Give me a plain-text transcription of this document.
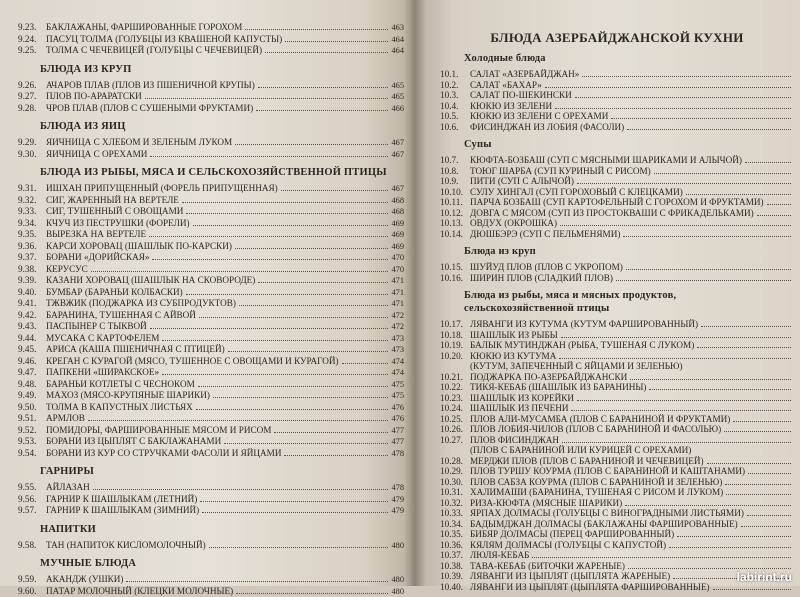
9.23.	БАКЛАЖАНЫ, ФАРШИРОВАННЫЕ ГОРОХОМ	463
9.24.	ПАСУЦ ТОЛМА (ГОЛУБЦЫ ИЗ КВАШЕНОЙ КАПУСТЫ)	464
9.25.	ТОЛМА С ЧЕЧЕВИЦЕЙ (ГОЛУБЦЫ С ЧЕЧЕВИЦЕЙ)	464
БЛЮДА ИЗ КРУП
9.26.	АЧАРОВ ПЛАВ (ПЛОВ ИЗ ПШЕНИЧНОЙ КРУПЫ)	465
9.27.	ПЛОВ ПО-АРАРАТСКИ	465
9.28.	ЧРОВ ПЛАВ (ПЛОВ С СУШЕНЫМИ ФРУКТАМИ)	466
БЛЮДА ИЗ ЯИЦ
9.29.	ЯИЧНИЦА С ХЛЕБОМ И ЗЕЛЕНЫМ ЛУКОМ	467
9.30.	ЯИЧНИЦА С ОРЕХАМИ	467
БЛЮДА ИЗ РЫБЫ, МЯСА И СЕЛЬСКОХОЗЯЙСТВЕННОЙ ПТИЦЫ
9.31.	ИШХАН ПРИПУЩЕННЫЙ (ФОРЕЛЬ ПРИПУЩЕННАЯ)	467
9.32.	СИГ, ЖАРЕННЫЙ НА ВЕРТЕЛЕ	468
9.33.	СИГ, ТУШЕННЫЙ С ОВОЩАМИ	468
9.34.	КЧУЧ ИЗ ПЕСТРУШКИ (ФОРЕЛИ)	469
9.35.	ВЫРЕЗКА НА ВЕРТЕЛЕ	469
9.36.	КАРСИ ХОРОВАЦ (ШАШЛЫК ПО-КАРСКИ)	469
9.37.	БОРАНИ «ДОРИЙСКАЯ»	470
9.38.	КЕРУСУС	470
9.39.	КАЗАНИ ХОРОВАЦ (ШАШЛЫК НА СКОВОРОДЕ)	471
9.40.	БУМБАР (БАРАНЬИ КОЛБАСКИ)	471
9.41.	ТЖВЖИК (ПОДЖАРКА ИЗ СУБПРОДУКТОВ)	471
9.42.	БАРАНИНА, ТУШЕННАЯ С АЙВОЙ	472
9.43.	ПАСПЫНЕР С ТЫКВОЙ	472
9.44.	МУСАКА С КАРТОФЕЛЕМ	473
9.45.	АРИСА (КАША ПШЕНИЧНАЯ С ПТИЦЕЙ)	473
9.46.	КРЕГАН С КУРАГОЙ (МЯСО, ТУШЕННОЕ С ОВОЩАМИ И КУРАГОЙ)	474
9.47.	ПАПКЕНИ «ШИРАКСКОЕ»	474
9.48.	БАРАНЬИ КОТЛЕТЫ С ЧЕСНОКОМ	475
9.49.	МАХОЗ (МЯСО-КРУПЯНЫЕ ШАРИКИ)	475
9.50.	ТОЛМА В КАПУСТНЫХ ЛИСТЬЯХ	476
9.51.	АРМЛОВ	476
9.52.	ПОМИДОРЫ, ФАРШИРОВАННЫЕ МЯСОМ И РИСОМ	477
9.53.	БОРАНИ ИЗ ЦЫПЛЯТ С БАКЛАЖАНАМИ	477
9.54.	БОРАНИ ИЗ КУР СО СТРУЧКАМИ ФАСОЛИ И ЯЙЦАМИ	478
ГАРНИРЫ
9.55.	АЙЛАЗАН	478
9.56.	ГАРНИР К ШАШЛЫКАМ (ЛЕТНИЙ)	479
9.57.	ГАРНИР К ШАШЛЫКАМ (ЗИМНИЙ)	479
НАПИТКИ
9.58.	ТАН (НАПИТОК КИСЛОМОЛОЧНЫЙ)	480
МУЧНЫЕ БЛЮДА
9.59.	АКАНДЖ (УШКИ)	480
9.60.	ПАТАР МОЛОЧНЫЙ (КЛЕЦКИ МОЛОЧНЫЕ)	480
БЛЮДА АЗЕРБАЙДЖАНСКОЙ КУХНИ
Холодные блюда
10.1.	САЛАТ «АЗЕРБАЙДЖАН»
10.2.	САЛАТ «БАХАР»
10.3.	САЛАТ ПО-ШЕКИНСКИ
10.4.	КЮКЮ ИЗ ЗЕЛЕНИ
10.5.	КЮКЮ ИЗ ЗЕЛЕНИ С ОРЕХАМИ
10.6.	ФИСИНДЖАН ИЗ ЛОБИЯ (ФАСОЛИ)
Супы
10.7.	КЮФТА-БОЗБАШ (СУП С МЯСНЫМИ ШАРИКАМИ И АЛЫЧОЙ)
10.8.	ТОЮГ ШАРБА (СУП КУРИНЫЙ С РИСОМ)
10.9.	ПИТИ (СУП С АЛЫЧОЙ)
10.10. СУЛУ ХИНГАЛ (СУП ГОРОХОВЫЙ С КЛЕЦКАМИ)
10.11. ПАРЧА БОЗБАШ (СУП КАРТОФЕЛЬНЫЙ С ГОРОХОМ И ФРУКТАМИ)
10.12. ДОВГА С МЯСОМ (СУП ИЗ ПРОСТОКВАШИ С ФРИКАДЕЛЬКАМИ)
10.13. ОВДУХ (ОКРОШКА)
10.14. ДЮШБЭРЭ (СУП С ПЕЛЬМЕНЯМИ)
Блюда из круп
10.15. ШУЙУД ПЛОВ (ПЛОВ С УКРОПОМ)
10.16. ШИРИН ПЛОВ (СЛАДКИЙ ПЛОВ)
Блюда из рыбы, мяса и мясных продуктов,
сельскохозяйственной птицы
10.17. ЛЯВАНГИ ИЗ КУТУМА (КУТУМ ФАРШИРОВАННЫЙ)
10.18. ШАШЛЫК ИЗ РЫБЫ
10.19. БАЛЫК МУТИНДЖАН (РЫБА, ТУШЕНАЯ С ЛУКОМ)
10.20. КЮКЮ ИЗ КУТУМА
(КУТУМ, ЗАПЕЧЕННЫЙ С ЯЙЦАМИ И ЗЕЛЕНЬЮ)
10.21. ПОДЖАРКА ПО-АЗЕРБАЙДЖАНСКИ
10.22. ТИКЯ-КЕБАБ (ШАШЛЫК ИЗ БАРАНИНЫ)
10.23. ШАШЛЫК ИЗ КОРЕЙКИ
10.24. ШАШЛЫК ИЗ ПЕЧЕНИ
10.25. ПЛОВ АЛИ-МУСАМБА (ПЛОВ С БАРАНИНОЙ И ФРУКТАМИ)
10.26. ПЛОВ ЛОБИЯ-ЧИЛОВ (ПЛОВ С БАРАНИНОЙ И ФАСОЛЬЮ)
10.27. ПЛОВ ФИСИНДЖАН
(ПЛОВ С БАРАНИНОЙ ИЛИ КУРИЦЕЙ С ОРЕХАМИ)
10.28. МЕРДЖИ ПЛОВ (ПЛОВ С БАРАНИНОЙ И ЧЕЧЕВИЦЕЙ)
10.29. ПЛОВ ТУРШУ КОУРМА (ПЛОВ С БАРАНИНОЙ И КАШТАНАМИ)
10.30. ПЛОВ САБЗА КОУРМА (ПЛОВ С БАРАНИНОЙ И ЗЕЛЕНЬЮ)
10.31. ХАЛИМАШИ (БАРАНИНА, ТУШЕНАЯ С РИСОМ И ЛУКОМ)
10.32. РИЗА-КЮФТА (МЯСНЫЕ ШАРИКИ)
10.33. ЯРПАХ ДОЛМАСЫ (ГОЛУБЦЫ С ВИНОГРАДНЫМИ ЛИСТЬЯМИ)
10.34. БАДЫМДЖАН ДОЛМАСЫ (БАКЛАЖАНЫ ФАРШИРОВАННЫЕ)
10.35. БИБЯР ДОЛМАСЫ (ПЕРЕЦ ФАРШИРОВАННЫЙ)
10.36. КЯЛЯМ ДОЛМАСЫ (ГОЛУБЦЫ С КАПУСТОЙ)
10.37. ЛЮЛЯ-КЕБАБ
10.38. ТАВА-КЕБАБ (БИТОЧКИ ЖАРЕНЫЕ)
10.39. ЛЯВАНГИ ИЗ ЦЫПЛЯТ (ЦЫПЛЯТА ЖАРЕНЫЕ)
10.40. ЛЯВАНГИ ИЗ ЦЫПЛЯТ (ЦЫПЛЯТА ФАРШИРОВАННЫЕ)
labirint.ru
